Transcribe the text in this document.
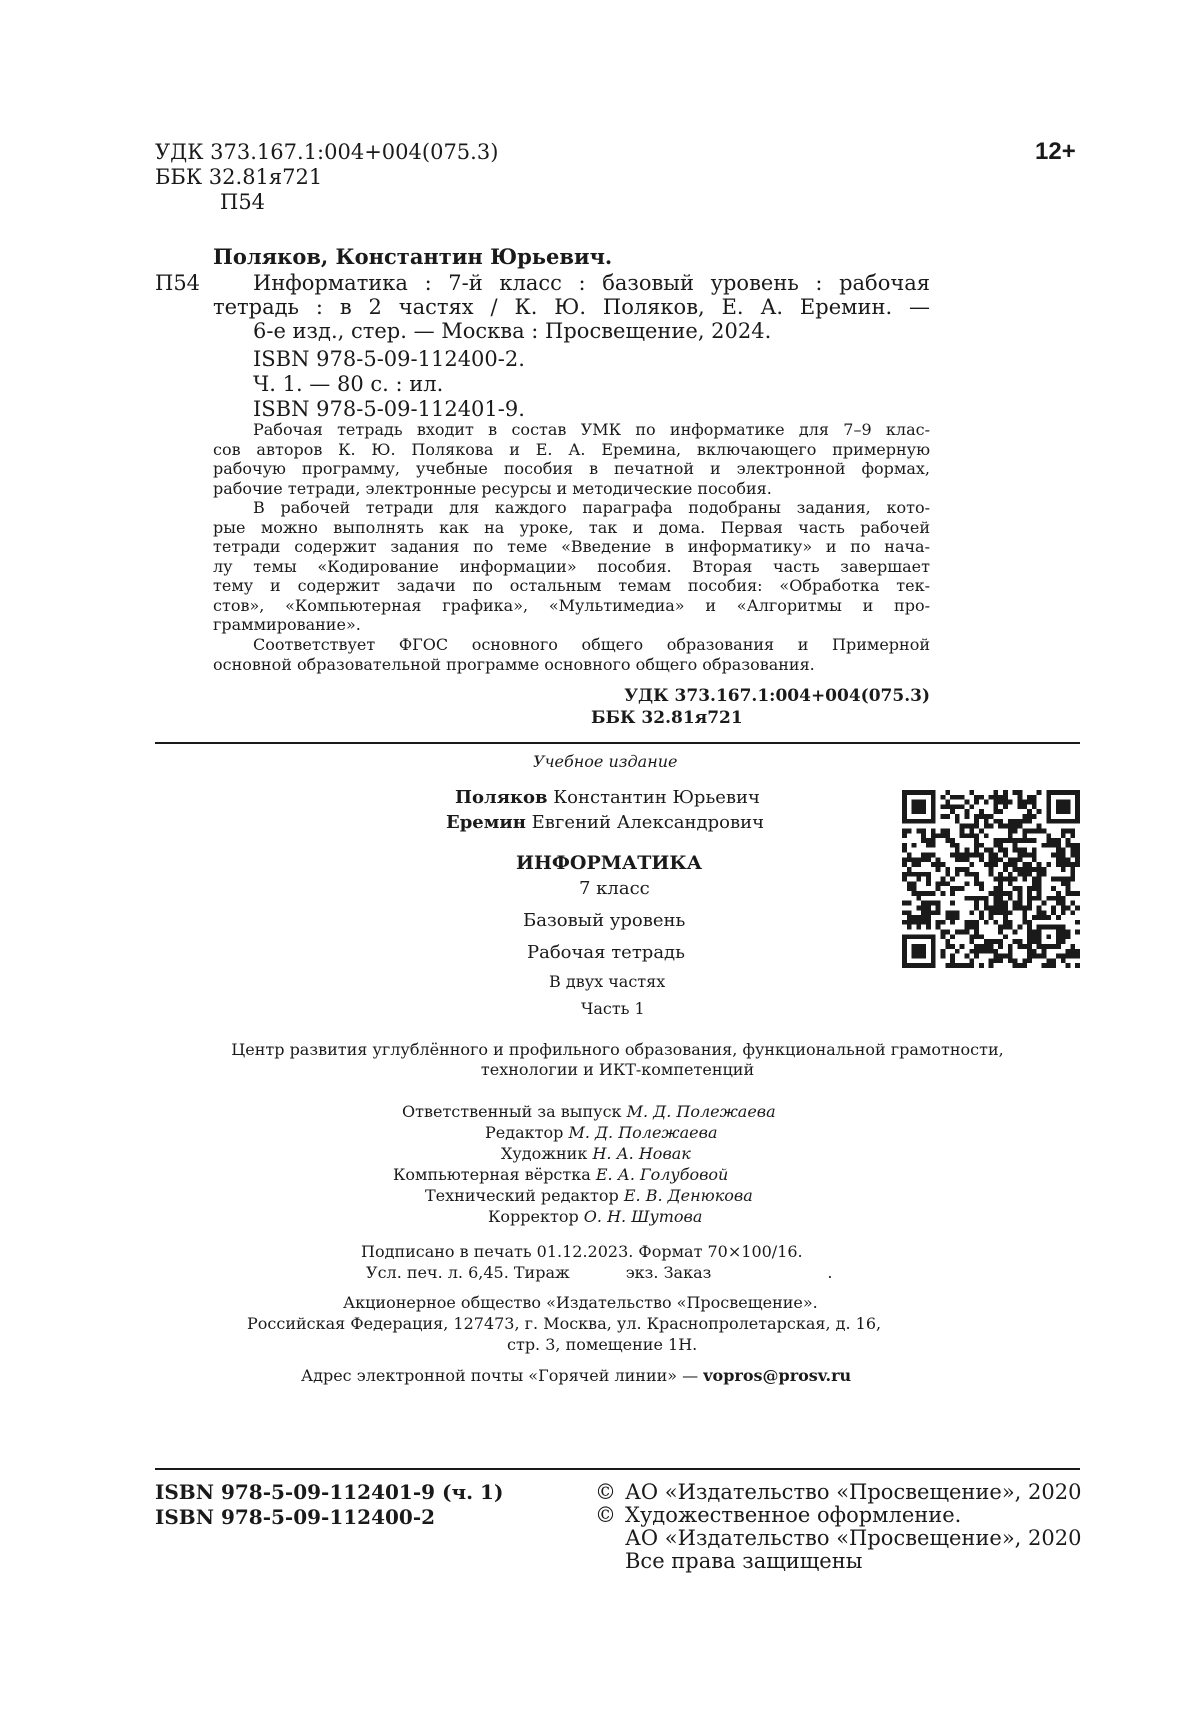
УДК 373.167.1:004+004(075.3)
ББК 32.81я721
П54
12+
Поляков, Константин Юрьевич.
П54	Информатика : 7-й класс : базовый уровень : рабочая
тетрадь : в 2 частях / К. Ю. Поляков, Е. А. Еремин. —
6-е изд., стер. — Москва : Просвещение, 2024.
ISBN 978-5-09-112400-2.
Ч. 1. — 80 с. : ил.
ISBN 978-5-09-112401-9.
Рабочая тетрадь входит в состав УМК по информатике для 7–9 клас-
сов авторов К. Ю. Полякова и Е. А. Еремина, включающего примерную
рабочую программу, учебные пособия в печатной и электронной формах,
рабочие тетради, электронные ресурсы и методические пособия.
В рабочей тетради для каждого параграфа подобраны задания, кото-
рые можно выполнять как на уроке, так и дома. Первая часть рабочей
тетради содержит задания по теме «Введение в информатику» и по нача-
лу темы «Кодирование информации» пособия. Вторая часть завершает
тему и содержит задачи по остальным темам пособия: «Обработка тек-
стов», «Компьютерная графика», «Мультимедиа» и «Алгоритмы и про-
граммирование».
Соответствует ФГОС основного общего образования и Примерной
основной образовательной программе основного общего образования.
УДК 373.167.1:004+004(075.3)
ББК 32.81я721
Учебное издание
Поляков Константин Юрьевич
Еремин Евгений Александрович
ИНФОРМАТИКА
7 класс
Базовый уровень
Рабочая тетрадь
В двух частях
Часть 1
Центр развития углублённого и профильного образования, функциональной грамотности,
технологии и ИКТ-компетенций
Ответственный за выпуск М. Д. Полежаева
Редактор М. Д. Полежаева
Художник Н. А. Новак
Компьютерная вёрстка Е. А. Голубовой
Технический редактор Е. В. Денюкова
Корректор О. Н. Шутова
Подписано в печать 01.12.2023. Формат 70×100/16.
Усл. печ. л. 6,45. Тираж	экз. Заказ	.
Акционерное общество «Издательство «Просвещение».
Российская Федерация, 127473, г. Москва, ул. Краснопролетарская, д. 16,
стр. 3, помещение 1Н.
Адрес электронной почты «Горячей линии» — vopros@prosv.ru
ISBN 978-5-09-112401-9 (ч. 1)
ISBN 978-5-09-112400-2
© АО «Издательство «Просвещение», 2020
© Художественное оформление.
АО «Издательство «Просвещение», 2020
Все права защищены
